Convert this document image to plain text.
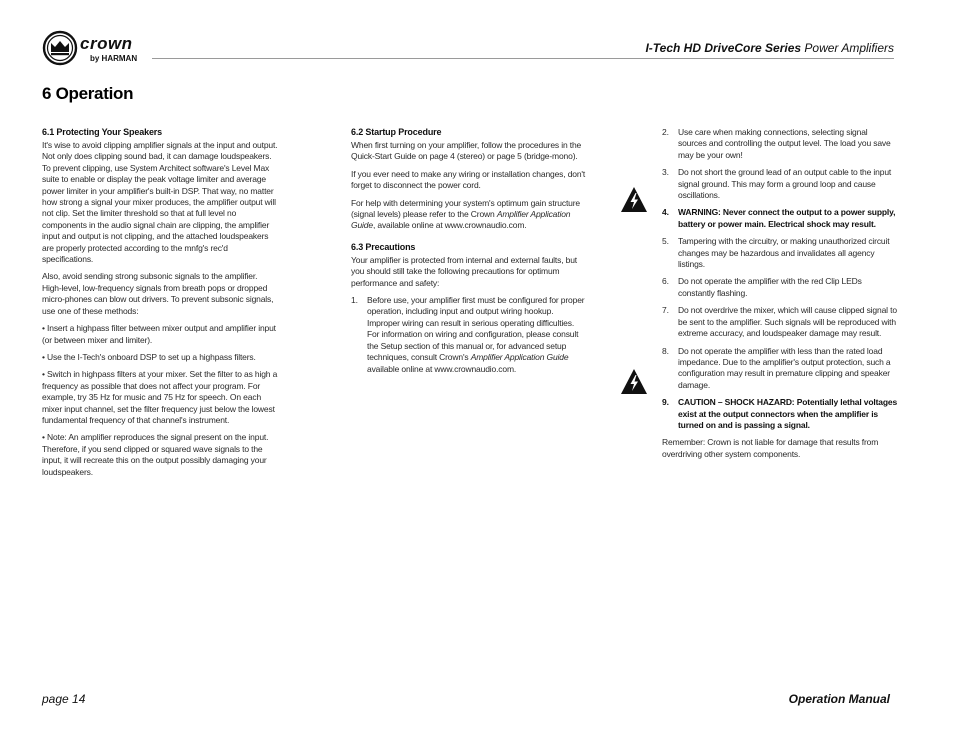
crown
by HARMAN
I-Tech HD DriveCore Series Power Amplifiers
6 Operation
6.1 Protecting Your Speakers

It's wise to avoid clipping amplifier signals at the input and output. Not only does clipping sound bad, it can damage loudspeakers. To prevent clipping, use System Architect software's Level Max suite to enable or display the peak voltage limiter and average power limiter in your amplifier's built-in DSP. That way, no matter how strong a signal your mixer produces, the amplifier output will not clip. Set the limiter threshold so that at full level no components in the audio signal chain are clipping, the amplifier input and output is not clipping, and the attached loudspeakers are properly protected according to the mnfg's rec'd specifications.

Also, avoid sending strong subsonic signals to the amplifier. High-level, low-frequency signals from breath pops or dropped micro-phones can blow out drivers. To prevent subsonic signals, use one of these methods:

• Insert a highpass filter between mixer output and amplifier input (or between mixer and limiter).

• Use the I-Tech's onboard DSP to set up a highpass filters.

• Switch in highpass filters at your mixer. Set the filter to as high a frequency as possible that does not affect your program. For example, try 35 Hz for music and 75 Hz for speech. On each mixer input channel, set the filter frequency just below the lowest fundamental frequency of that channel's instrument.

• Note: An amplifier reproduces the signal present on the input. Therefore, if you send clipped or squared wave signals to the input, it will recreate this on the output possibly damaging your loudspeakers.

6.2 Startup Procedure

When first turning on your amplifier, follow the procedures in the Quick-Start Guide on page 4 (stereo) or page 5 (bridge-mono).

If you ever need to make any wiring or installation changes, don't forget to disconnect the power cord.

For help with determining your system's optimum gain structure (signal levels) please refer to the Crown Amplifier Application Guide, available online at www.crownaudio.com.

6.3 Precautions

Your amplifier is protected from internal and external faults, but you should still take the following precautions for optimum performance and safety:

1.	Before use, your amplifier first must be configured for proper operation, including input and output wiring hookup. Improper wiring can result in serious operating difficulties. For information on wiring and configuration, please consult the Setup section of this manual or, for advanced setup techniques, consult Crown's Amplifier Application Guide available online at www.crownaudio.com.
2.	Use care when making connections, selecting signal sources and controlling the output level. The load you save may be your own!
3.	Do not short the ground lead of an output cable to the input signal ground. This may form a ground loop and cause oscillations.
4.	WARNING: Never connect the output to a power supply, battery or power main. Electrical shock may result.
5.	Tampering with the circuitry, or making unauthorized circuit changes may be hazardous and invalidates all agency listings.
6.	Do not operate the amplifier with the red Clip LEDs constantly flashing.
7.	Do not overdrive the mixer, which will cause clipped signal to be sent to the amplifier. Such signals will be reproduced with extreme accuracy, and loudspeaker damage may result.
8.	Do not operate the amplifier with less than the rated load impedance. Due to the amplifier's output protection, such a configuration may result in premature clipping and speaker damage.
9.	CAUTION – SHOCK HAZARD: Potentially lethal voltages exist at the output connectors when the amplifier is turned on and is passing a signal.

Remember: Crown is not liable for damage that results from overdriving other system components.

page 14	Operation Manual
